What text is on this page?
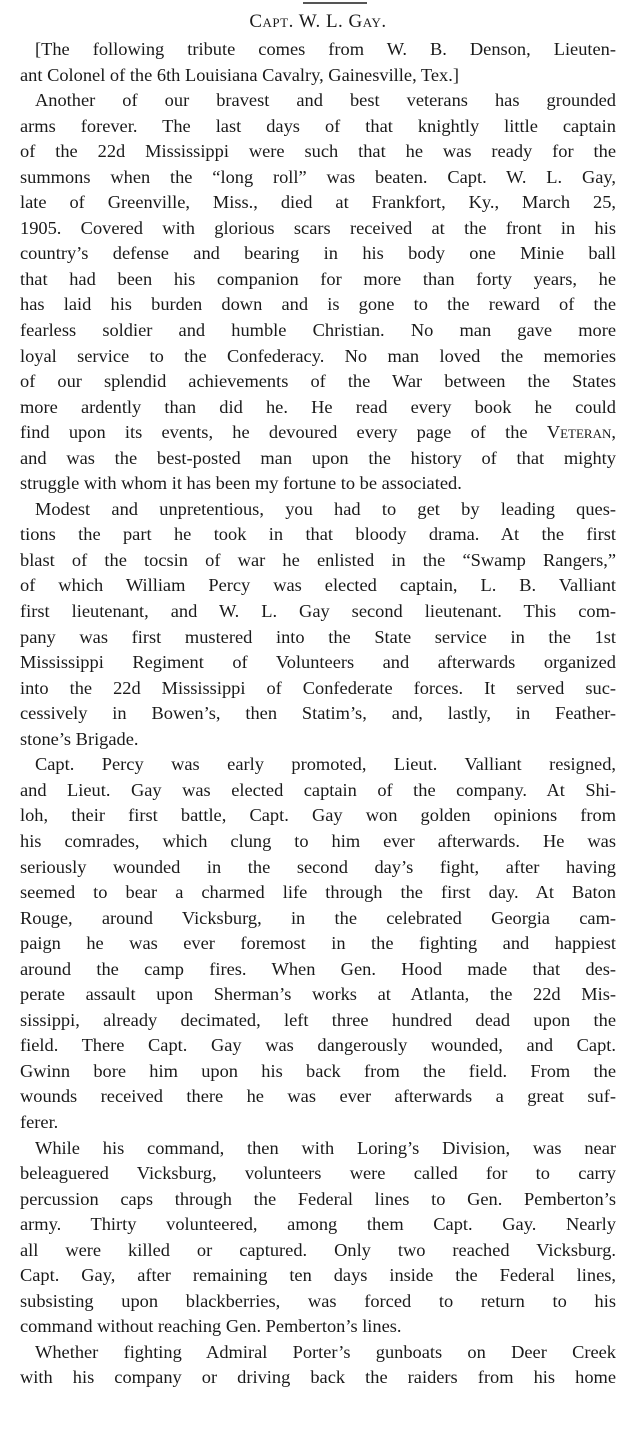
Capt. W. L. Gay.
[The following tribute comes from W. B. Denson, Lieuten-
ant Colonel of the 6th Louisiana Cavalry, Gainesville, Tex.]
Another of our bravest and best veterans has grounded
arms forever. The last days of that knightly little captain
of the 22d Mississippi were such that he was ready for the
summons when the “long roll” was beaten. Capt. W. L. Gay,
late of Greenville, Miss., died at Frankfort, Ky., March 25,
1905. Covered with glorious scars received at the front in his
country’s defense and bearing in his body one Minie ball
that had been his companion for more than forty years, he
has laid his burden down and is gone to the reward of the
fearless soldier and humble Christian. No man gave more
loyal service to the Confederacy. No man loved the memories
of our splendid achievements of the War between the States
more ardently than did he. He read every book he could
find upon its events, he devoured every page of the Veteran,
and was the best-posted man upon the history of that mighty
struggle with whom it has been my fortune to be associated.
Modest and unpretentious, you had to get by leading ques-
tions the part he took in that bloody drama. At the first
blast of the tocsin of war he enlisted in the “Swamp Rangers,”
of which William Percy was elected captain, L. B. Valliant
first lieutenant, and W. L. Gay second lieutenant. This com-
pany was first mustered into the State service in the 1st
Mississippi Regiment of Volunteers and afterwards organized
into the 22d Mississippi of Confederate forces. It served suc-
cessively in Bowen’s, then Statim’s, and, lastly, in Feather-
stone’s Brigade.
Capt. Percy was early promoted, Lieut. Valliant resigned,
and Lieut. Gay was elected captain of the company. At Shi-
loh, their first battle, Capt. Gay won golden opinions from
his comrades, which clung to him ever afterwards. He was
seriously wounded in the second day’s fight, after having
seemed to bear a charmed life through the first day. At Baton
Rouge, around Vicksburg, in the celebrated Georgia cam-
paign he was ever foremost in the fighting and happiest
around the camp fires. When Gen. Hood made that des-
perate assault upon Sherman’s works at Atlanta, the 22d Mis-
sissippi, already decimated, left three hundred dead upon the
field. There Capt. Gay was dangerously wounded, and Capt.
Gwinn bore him upon his back from the field. From the
wounds received there he was ever afterwards a great suf-
ferer.
While his command, then with Loring’s Division, was near
beleaguered Vicksburg, volunteers were called for to carry
percussion caps through the Federal lines to Gen. Pemberton’s
army. Thirty volunteered, among them Capt. Gay. Nearly
all were killed or captured. Only two reached Vicksburg.
Capt. Gay, after remaining ten days inside the Federal lines,
subsisting upon blackberries, was forced to return to his
command without reaching Gen. Pemberton’s lines.
Whether fighting Admiral Porter’s gunboats on Deer Creek
with his company or driving back the raiders from his home
